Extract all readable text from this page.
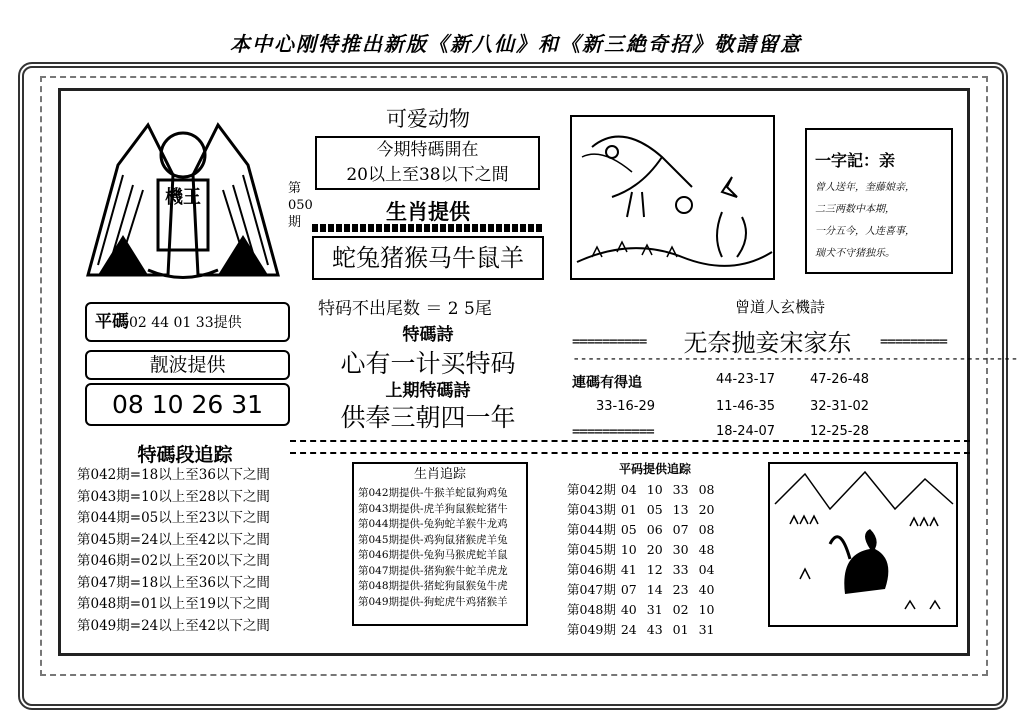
本中心刚特推出新版《新八仙》和《新三絶奇招》敬請留意
機王	第
050
期
平碼02 44 01 33提供
靓波提供
08 10 26 31
可爱动物
今期特碼開在
20以上至38以下之間
生肖提供
蛇兔猪猴马牛鼠羊
特码不出尾数 ＝ 2 5尾
特碼詩
心有一计买特码
上期特碼詩
供奉三朝四一年
一字記：亲
曾人送年，奎藤娘亲，
二三两数中本期，
一分五今，人连喜事，
瑞犬不守猪独乐。
曾道人玄機詩
==========	无奈抛妾宋家东	=========
------------------------------------------------------------
連碼有得追	44-23-17	47-26-48
33-16-29	11-46-35	32-31-02
===========	18-24-07	12-25-28
特碼段追踪
第042期=18以上至36以下之間
第043期=10以上至28以下之間
第044期=05以上至23以下之間
第045期=24以上至42以下之間
第046期=02以上至20以下之間
第047期=18以上至36以下之間
第048期=01以上至19以下之間
第049期=24以上至42以下之間
生肖追踪
第042期提供-牛猴羊蛇鼠狗鸡兔
第043期提供-虎羊狗鼠猴蛇猪牛
第044期提供-兔狗蛇羊猴牛龙鸡
第045期提供-鸡狗鼠猪猴虎羊兔
第046期提供-兔狗马猴虎蛇羊鼠
第047期提供-猪狗猴牛蛇羊虎龙
第048期提供-猪蛇狗鼠猴兔牛虎
第049期提供-狗蛇虎牛鸡猪猴羊
平码提供追踪
第042期	04	10	33	08
第043期	01	05	13	20
第044期	05	06	07	08
第045期	10	20	30	48
第046期	41	12	33	04
第047期	07	14	23	40
第048期	40	31	02	10
第049期	24	43	01	31
